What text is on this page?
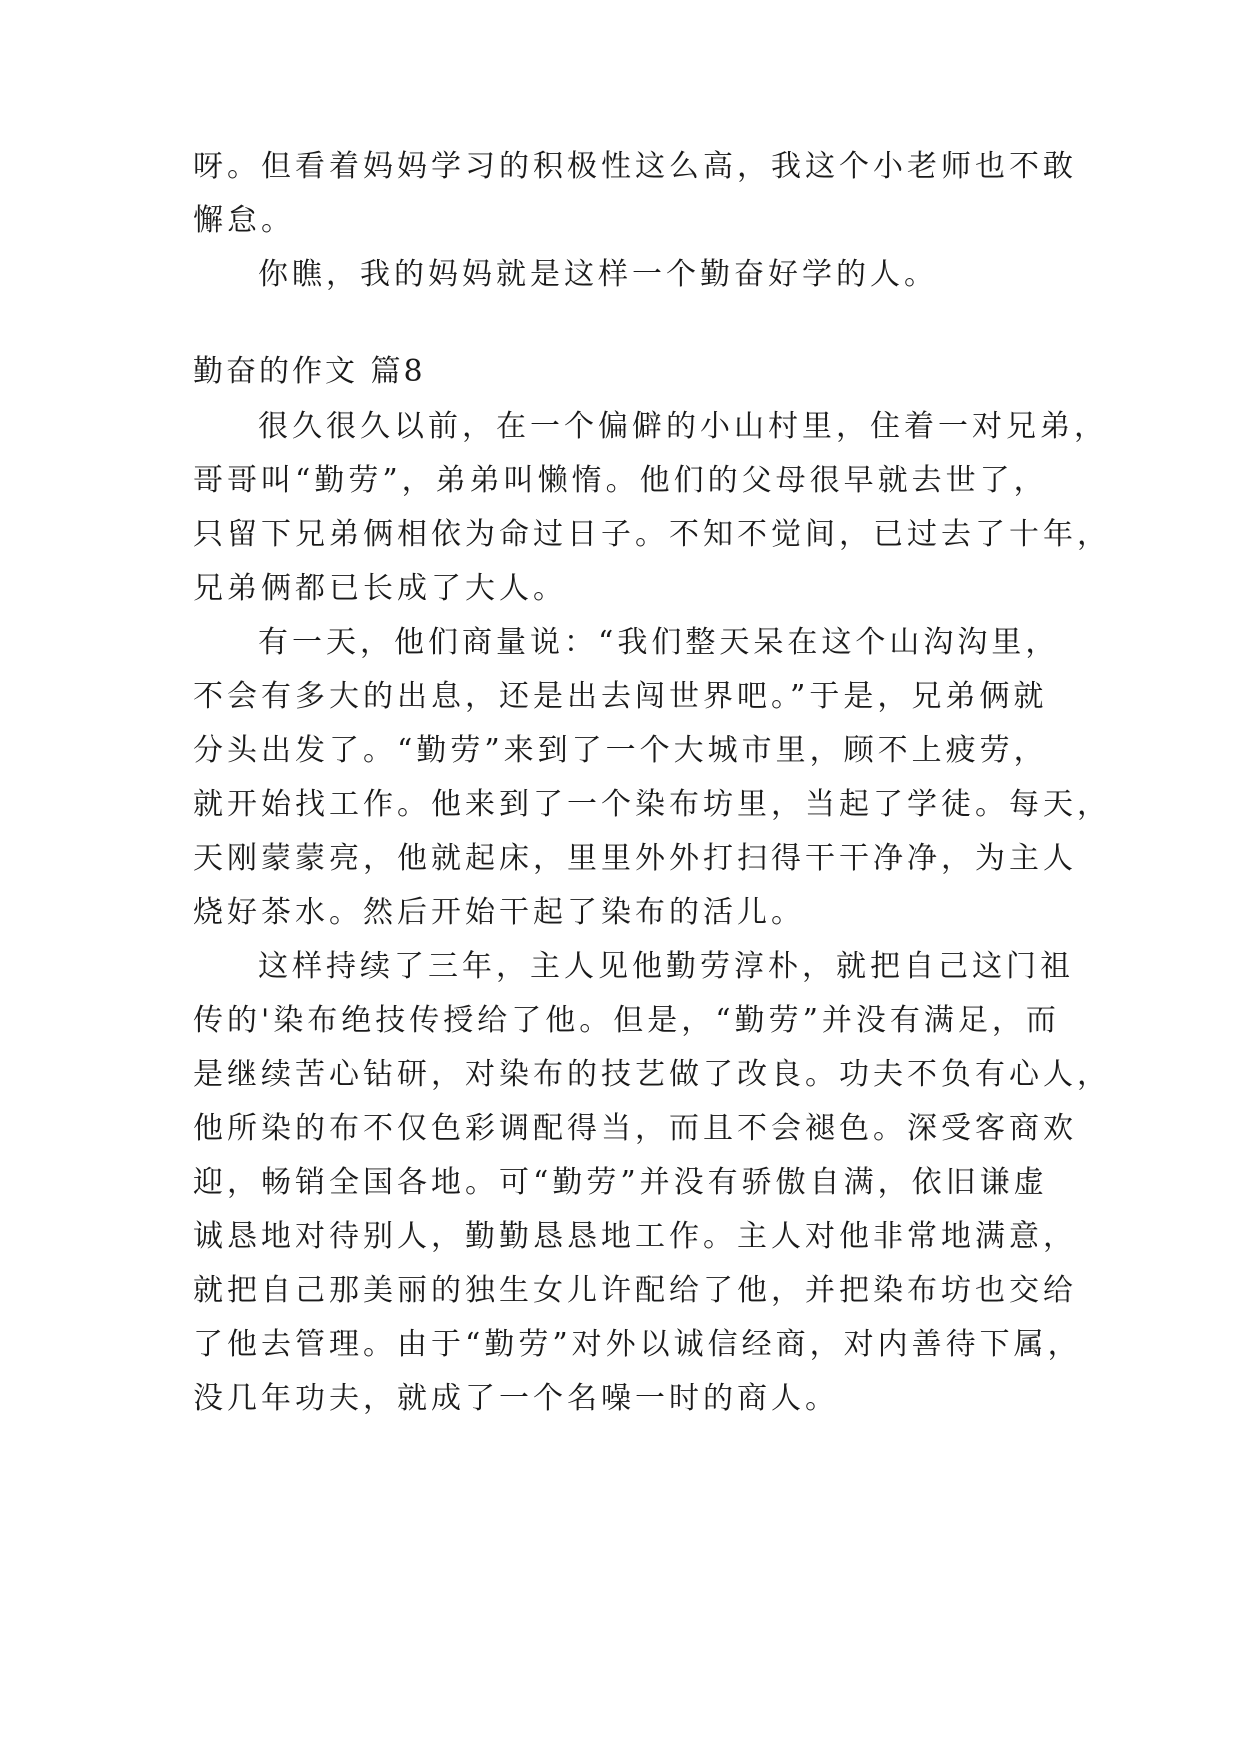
呀。但看着妈妈学习的积极性这么高，我这个小老师也不敢
懈怠。
你瞧，我的妈妈就是这样一个勤奋好学的人。
勤奋的作文 篇8
很久很久以前，在一个偏僻的小山村里，住着一对兄弟，
哥哥叫“勤劳”，弟弟叫懒惰。他们的父母很早就去世了，
只留下兄弟俩相依为命过日子。不知不觉间，已过去了十年，
兄弟俩都已长成了大人。
有一天，他们商量说：“我们整天呆在这个山沟沟里，
不会有多大的出息，还是出去闯世界吧。”于是，兄弟俩就
分头出发了。“勤劳”来到了一个大城市里，顾不上疲劳，
就开始找工作。他来到了一个染布坊里，当起了学徒。每天，
天刚蒙蒙亮，他就起床，里里外外打扫得干干净净，为主人
烧好茶水。然后开始干起了染布的活儿。
这样持续了三年，主人见他勤劳淳朴，就把自己这门祖
传的'染布绝技传授给了他。但是，“勤劳”并没有满足，而
是继续苦心钻研，对染布的技艺做了改良。功夫不负有心人，
他所染的布不仅色彩调配得当，而且不会褪色。深受客商欢
迎，畅销全国各地。可“勤劳”并没有骄傲自满，依旧谦虚
诚恳地对待别人，勤勤恳恳地工作。主人对他非常地满意，
就把自己那美丽的独生女儿许配给了他，并把染布坊也交给
了他去管理。由于“勤劳”对外以诚信经商，对内善待下属，
没几年功夫，就成了一个名噪一时的商人。
